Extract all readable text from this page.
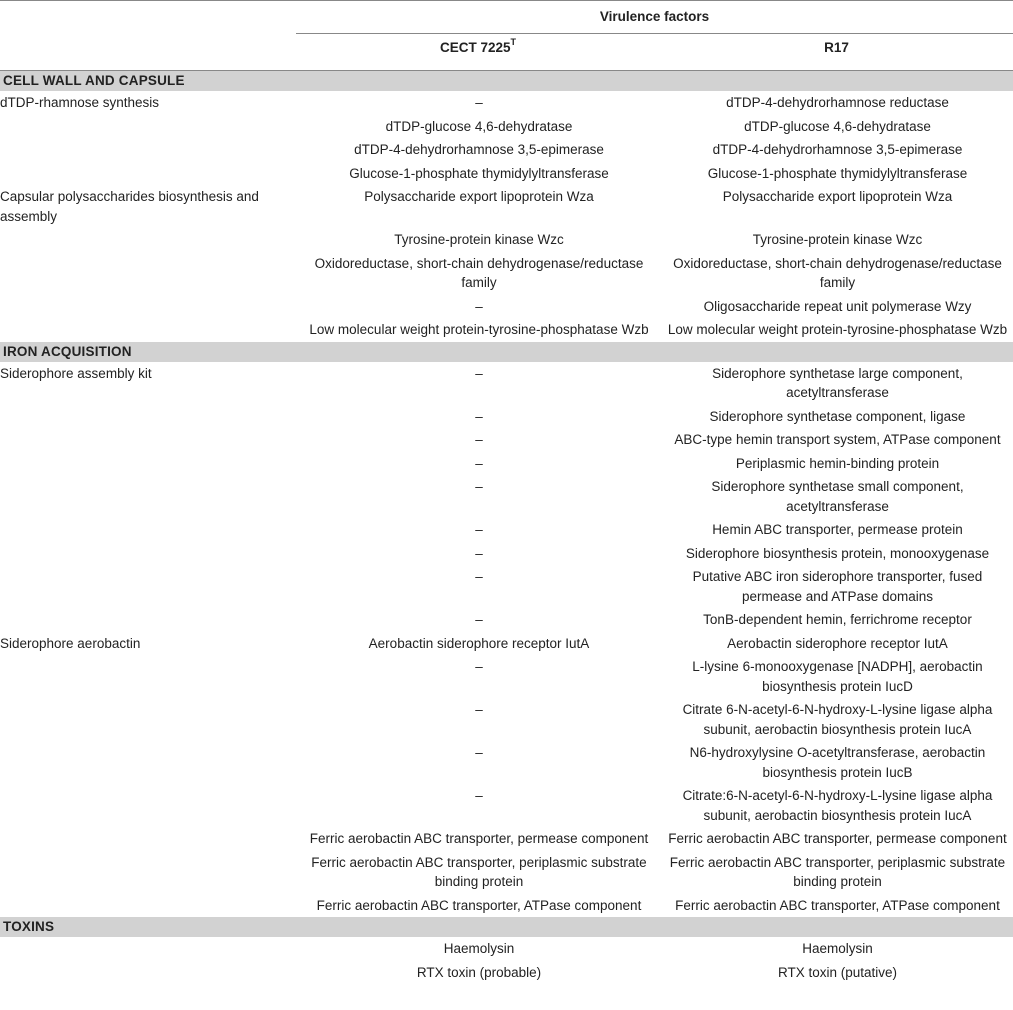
	Virulence factors	
	CECT $7225^T$	R17
CELL WALL AND CAPSULE		
dTDP-rhamnose synthesis	–	dTDP-4-dehydrorhamnose reductase
	dTDP-glucose 4,6-dehydratase	dTDP-glucose 4,6-dehydratase
	dTDP-4-dehydrorhamnose 3,5-epimerase	dTDP-4-dehydrorhamnose 3,5-epimerase
	Glucose-1-phosphate thymidylyltransferase	Glucose-1-phosphate thymidylyltransferase
Capsular polysaccharides biosynthesis and assembly	Polysaccharide export lipoprotein Wza	Polysaccharide export lipoprotein Wza
	Tyrosine-protein kinase Wzc	Tyrosine-protein kinase Wzc
	Oxidoreductase, short-chain dehydrogenase/reductase family	Oxidoreductase, short-chain dehydrogenase/reductase family
	–	Oligosaccharide repeat unit polymerase Wzy
	Low molecular weight protein-tyrosine-phosphatase Wzb	Low molecular weight protein-tyrosine-phosphatase Wzb
IRON ACQUISITION		
Siderophore assembly kit	–	Siderophore synthetase large component, acetyltransferase
	–	Siderophore synthetase component, ligase
	–	ABC-type hemin transport system, ATPase component
	–	Periplasmic hemin-binding protein
	–	Siderophore synthetase small component, acetyltransferase
	–	Hemin ABC transporter, permease protein
	–	Siderophore biosynthesis protein, monooxygenase
	–	Putative ABC iron siderophore transporter, fused permease and ATPase domains
	–	TonB-dependent hemin, ferrichrome receptor
Siderophore aerobactin	Aerobactin siderophore receptor IutA	Aerobactin siderophore receptor IutA
	–	L-lysine 6-monooxygenase [NADPH], aerobactin biosynthesis protein IucD
	–	Citrate 6-N-acetyl-6-N-hydroxy-L-lysine ligase alpha subunit, aerobactin biosynthesis protein IucA
	–	N6-hydroxylysine O-acetyltransferase, aerobactin biosynthesis protein IucB
	–	Citrate:6-N-acetyl-6-N-hydroxy-L-lysine ligase alpha subunit, aerobactin biosynthesis protein IucA
	Ferric aerobactin ABC transporter, permease component	Ferric aerobactin ABC transporter, permease component
	Ferric aerobactin ABC transporter, periplasmic substrate binding protein	Ferric aerobactin ABC transporter, periplasmic substrate binding protein
	Ferric aerobactin ABC transporter, ATPase component	Ferric aerobactin ABC transporter, ATPase component
TOXINS		
	Haemolysin	Haemolysin
	RTX toxin (probable)	RTX toxin (putative)
